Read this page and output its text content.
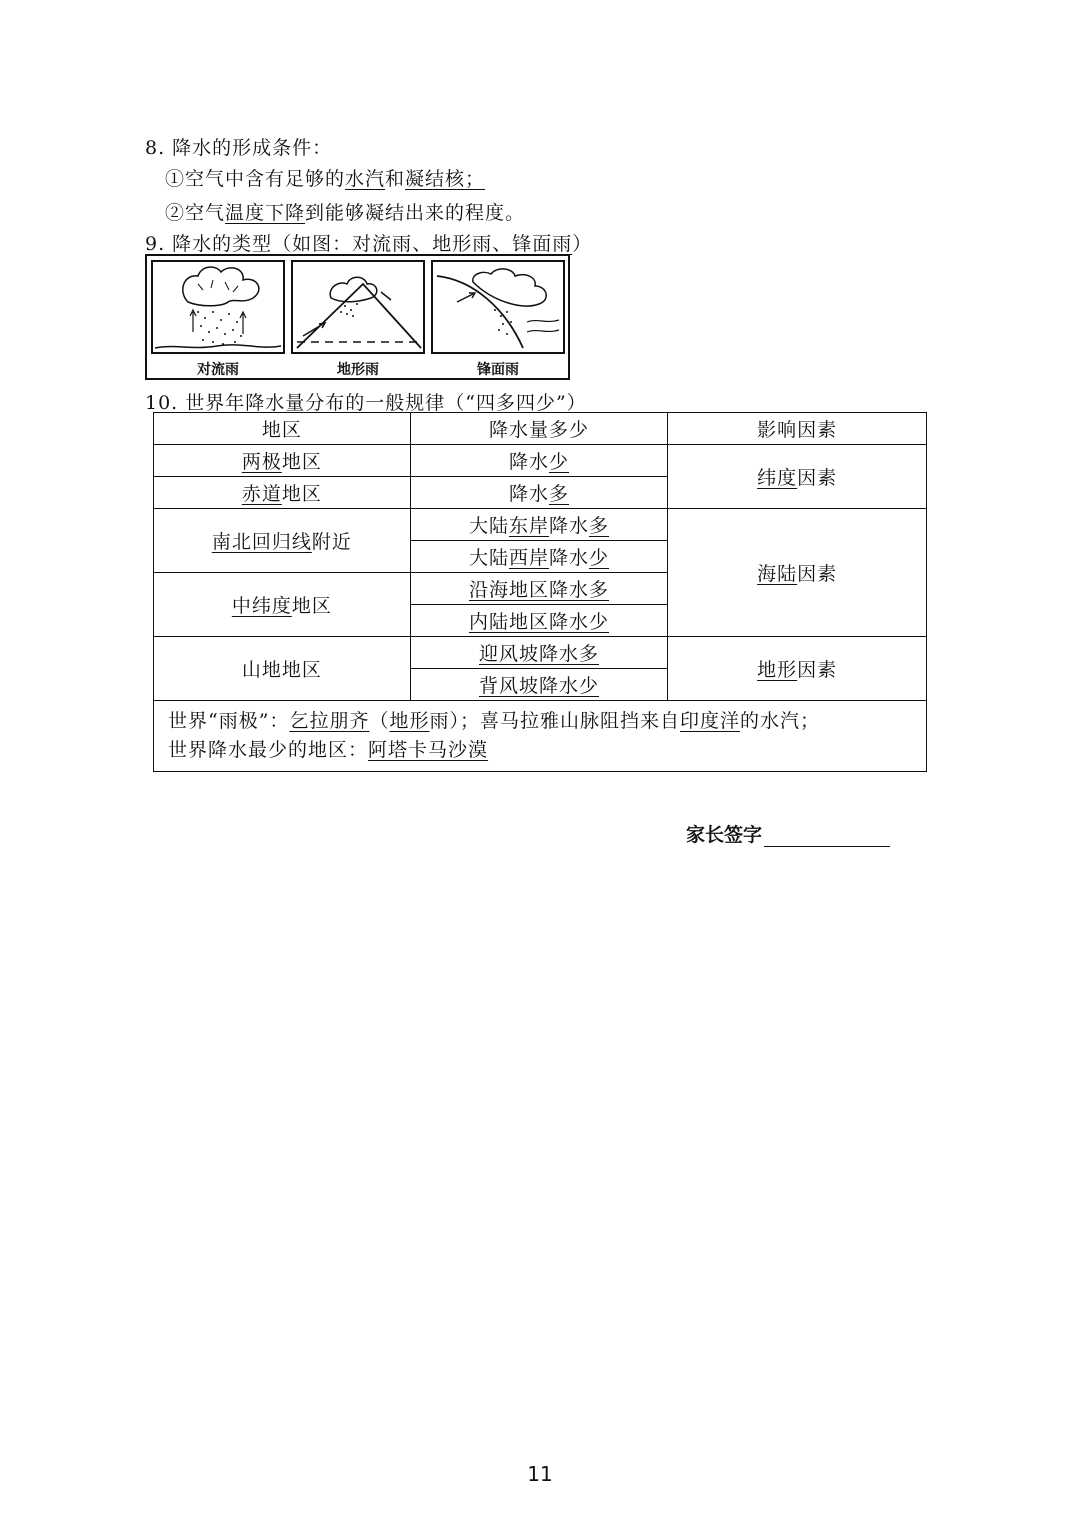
8. 降水的形成条件：
①空气中含有足够的水汽和凝结核；
②空气温度下降到能够凝结出来的程度。
9. 降水的类型（如图：对流雨、地形雨、锋面雨）
对流雨	地形雨	锋面雨
10. 世界年降水量分布的一般规律（“四多四少”）
地区	降水量多少	影响因素
两极地区	降水少	纬度因素
赤道地区	降水多	
南北回归线附近	大陆东岸降水多	海陆因素
	大陆西岸降水少	
中纬度地区	沿海地区降水多	
	内陆地区降水少	
山地地区	迎风坡降水多	地形因素
	背风坡降水少	

世界“雨极”：乞拉朋齐（地形雨）；喜马拉雅山脉阻挡来自印度洋的水汽；
世界降水最少的地区：阿塔卡马沙漠		
家长签字
11
